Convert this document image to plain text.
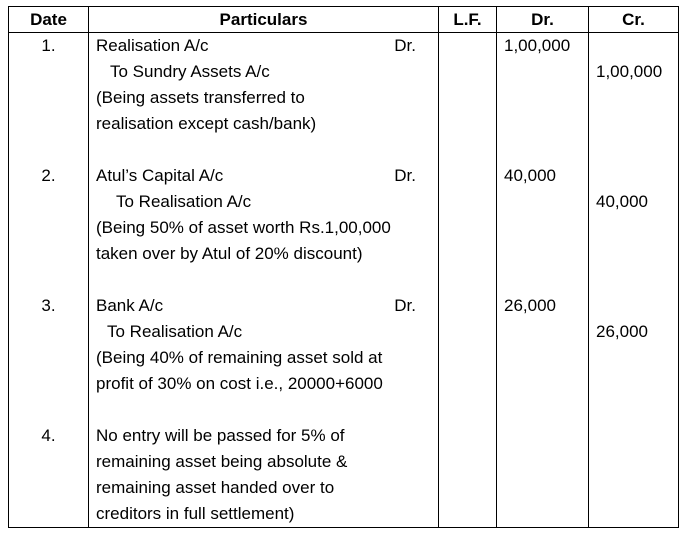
Date	Particulars	L.F.	Dr.	Cr.

1.	Realisation A/c Dr.
To Sundry Assets A/c
(Being assets transferred to
realisation except cash/bank)		1,00,000	1,00,000

2.	Atul’s Capital A/c Dr.
To Realisation A/c
(Being 50% of asset worth Rs.1,00,000
taken over by Atul of 20% discount)		40,000	40,000

3.	Bank A/c Dr.
To Realisation A/c
(Being 40% of remaining asset sold at
profit of 30% on cost i.e., 20000+6000		26,000	26,000

4.	No entry will be passed for 5% of
remaining asset being absolute &
remaining asset handed over to
creditors in full settlement)			
